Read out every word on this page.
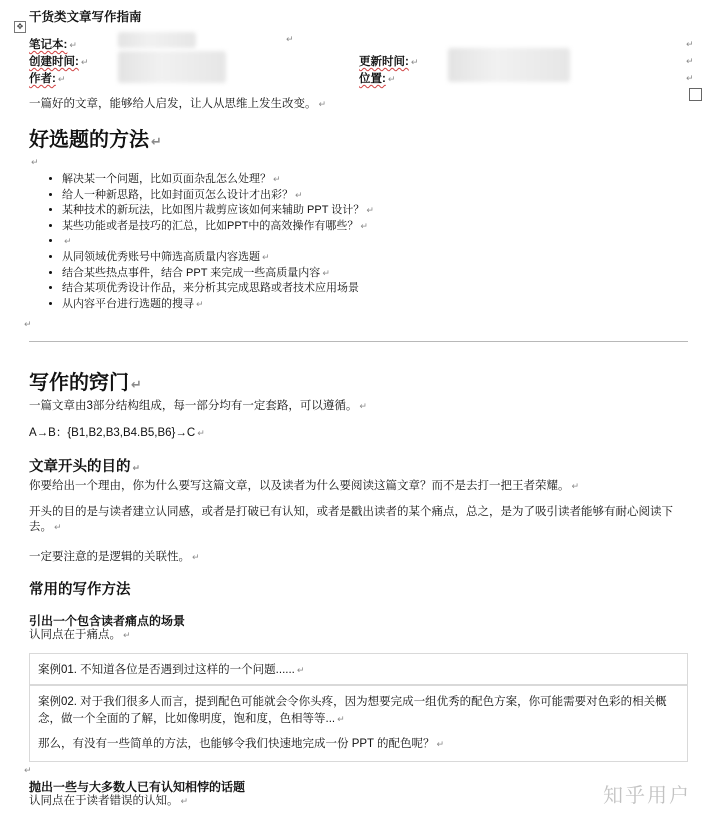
干货类文章写作指南
✥
笔记本: ↵
↵
创建时间: ↵	更新时间: ↵
作者: ↵	位置: ↵
↵
↵
↵
一篇好的文章，能够给人启发，让人从思维上发生改变。 ↵
好选题的方法 ↵
↵
• 解决某一个问题，比如页面杂乱怎么处理？ ↵
• 给人一种新思路，比如封面页怎么设计才出彩？ ↵
• 某种技术的新玩法，比如图片裁剪应该如何来辅助 PPT 设计？ ↵
• 某些功能或者是技巧的汇总，比如PPT中的高效操作有哪些？ ↵
• ↵
• 从同领域优秀账号中筛选高质量内容选题 ↵
• 结合某些热点事件，结合 PPT 来完成一些高质量内容 ↵
• 结合某项优秀设计作品，来分析其完成思路或者技术应用场景
• 从内容平台进行选题的搜寻 ↵
↵
写作的窍门 ↵
一篇文章由3部分结构组成，每一部分均有一定套路，可以遵循。 ↵
A→B：{B1,B2,B3,B4.B5,B6}→C ↵
文章开头的目的 ↵
你要给出一个理由，你为什么要写这篇文章，以及读者为什么要阅读这篇文章？而不是去打一把王者荣耀。 ↵
开头的目的是与读者建立认同感，或者是打破已有认知，或者是戳出读者的某个痛点，总之，是为了吸引读者能够有耐心阅读下
去。 ↵
一定要注意的是逻辑的关联性。 ↵
常用的写作方法
引出一个包含读者痛点的场景
认同点在于痛点。 ↵
案例01. 不知道各位是否遇到过这样的一个问题...... ↵
案例02. 对于我们很多人而言，提到配色可能就会令你头疼，因为想要完成一组优秀的配色方案，你可能需要对色彩的相关概
念，做一个全面的了解，比如像明度，饱和度，色相等等... ↵

那么，有没有一些简单的方法，也能够令我们快速地完成一份 PPT 的配色呢？ ↵
↵
抛出一些与大多数人已有认知相悖的话题
认同点在于读者错误的认知。 ↵	知乎用户
